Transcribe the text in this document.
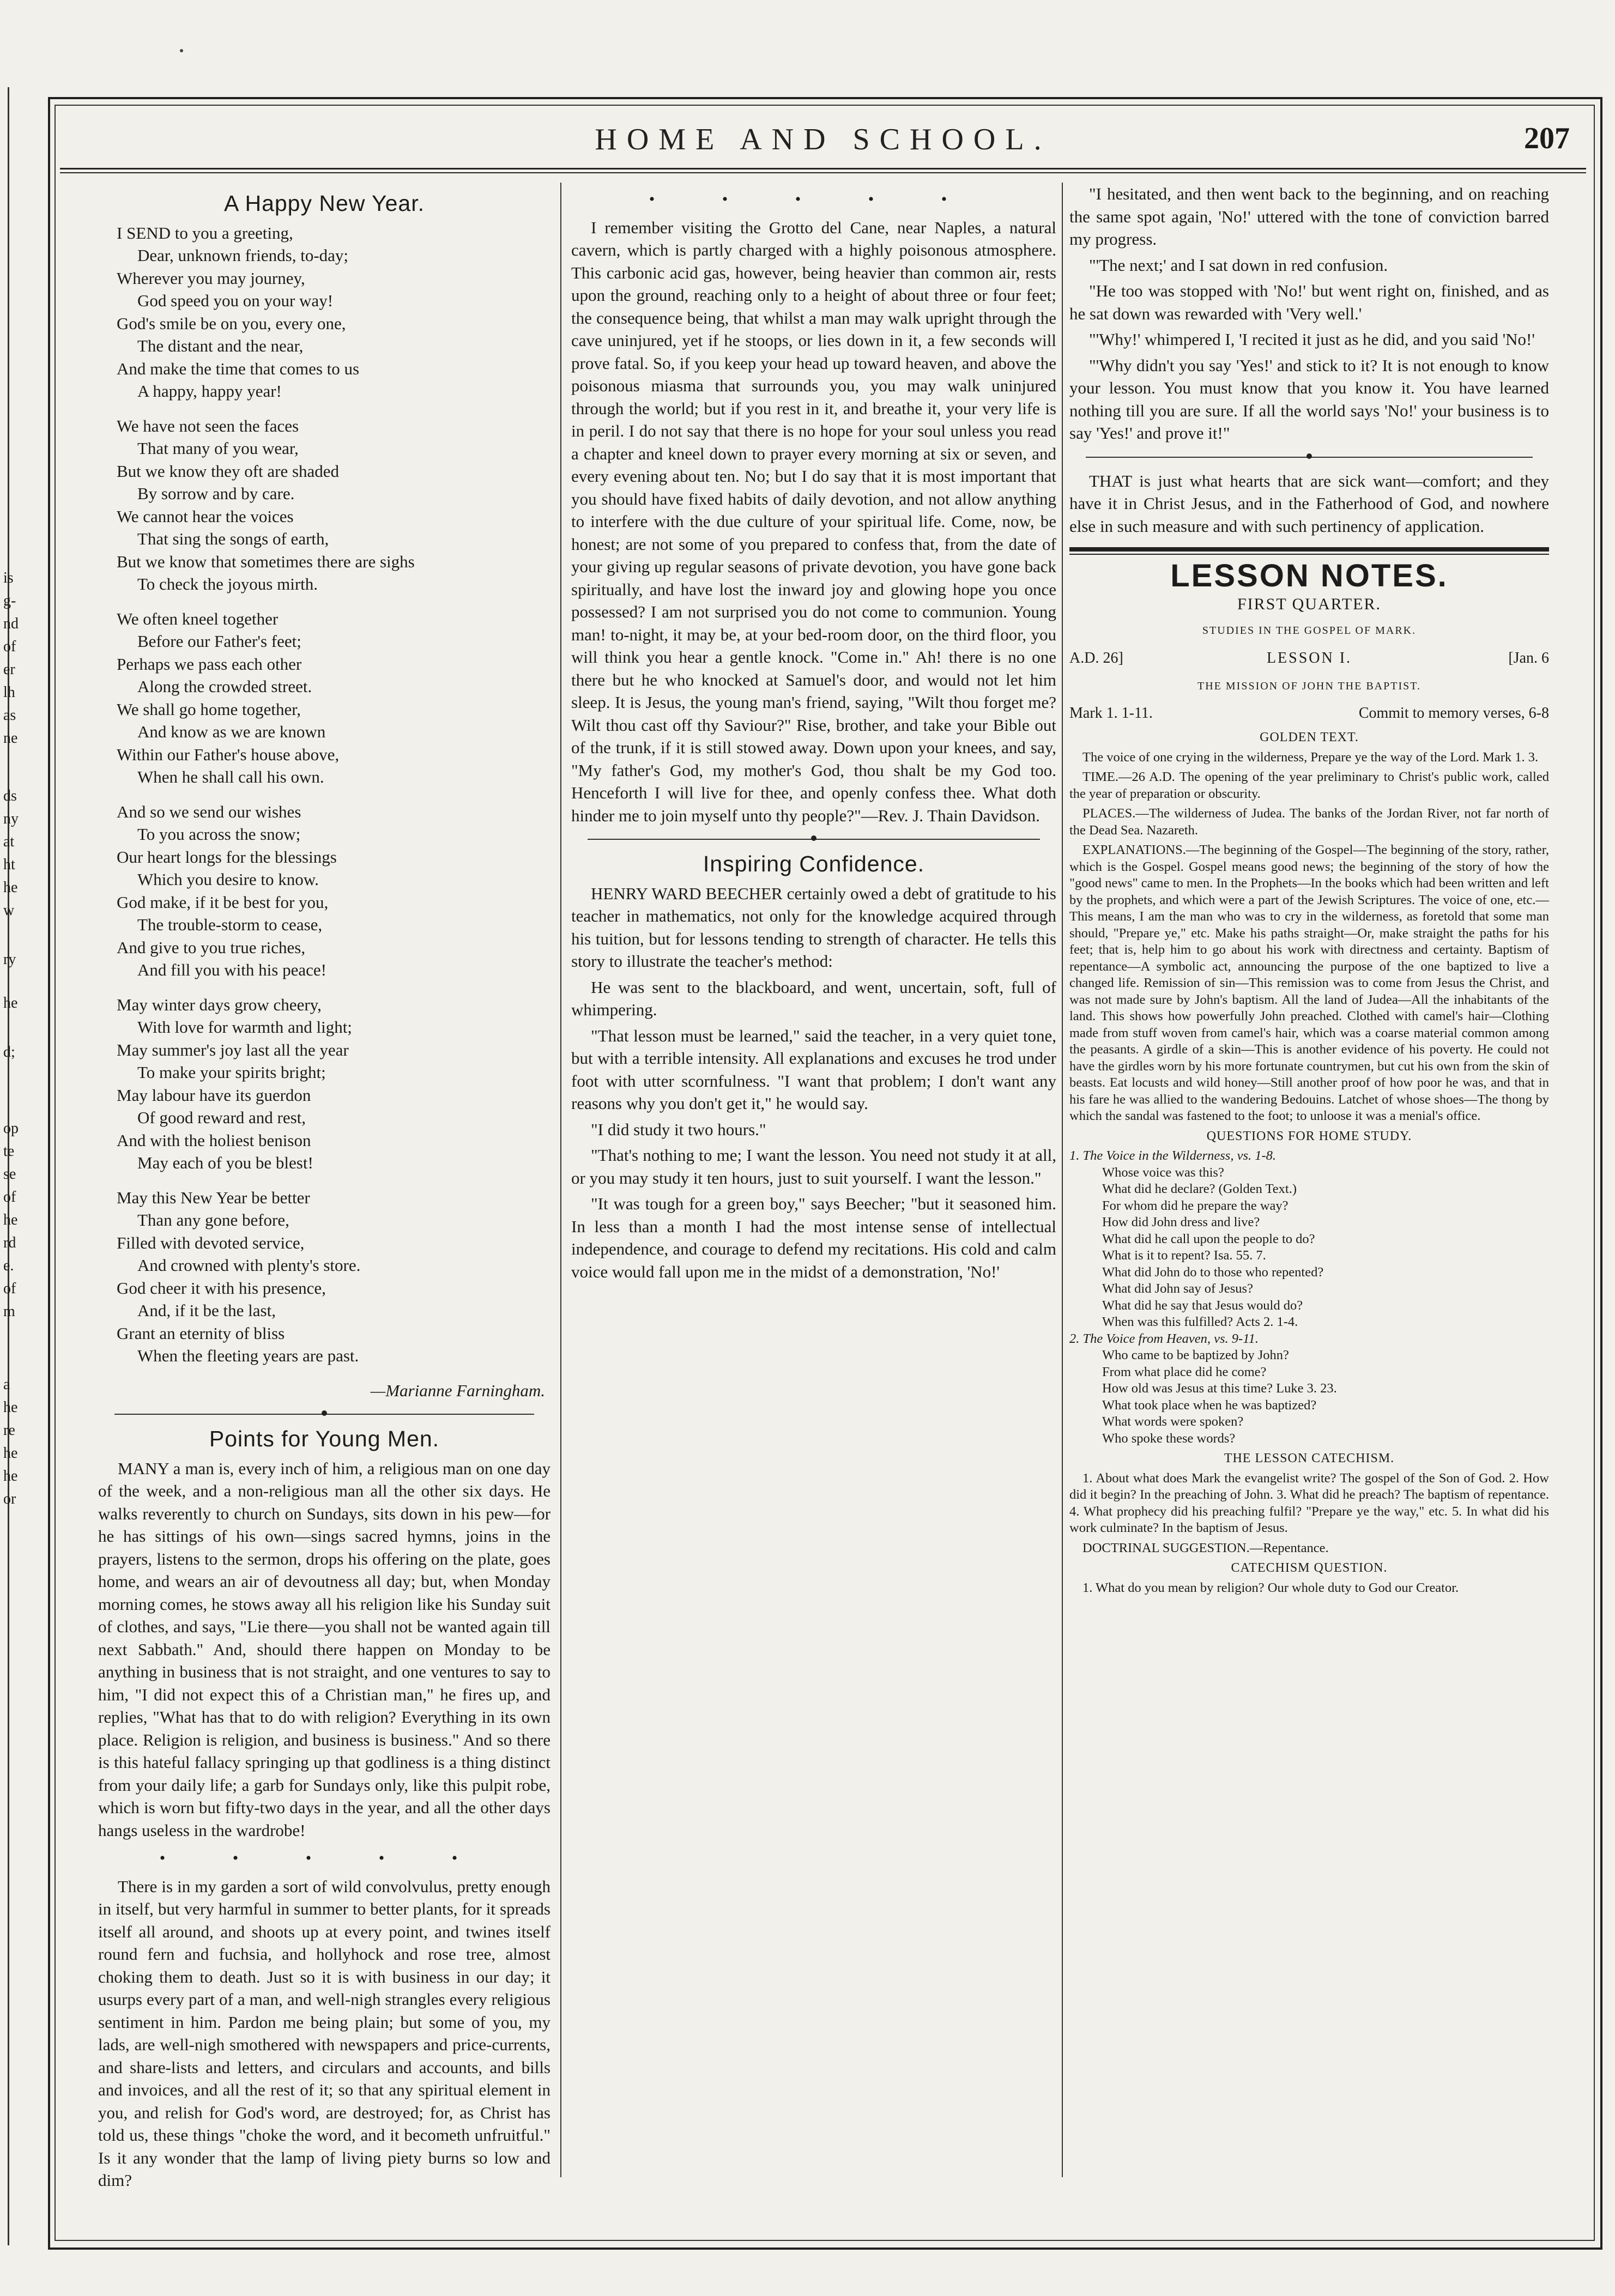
is
g-
nd
of
er
lh
as
ne
ds
ny
at
ht
he
w
ry
he
d;
op
te
se
of
he
rd
e.
of
m
a
he
re
he
he
or
HOME AND SCHOOL.	207
A Happy New Year.
I SEND to you a greeting,
Dear, unknown friends, to-day;
Wherever you may journey,
God speed you on your way!
God's smile be on you, every one,
The distant and the near,
And make the time that comes to us
A happy, happy year!
We have not seen the faces
That many of you wear,
But we know they oft are shaded
By sorrow and by care.
We cannot hear the voices
That sing the songs of earth,
But we know that sometimes there are sighs
To check the joyous mirth.
We often kneel together
Before our Father's feet;
Perhaps we pass each other
Along the crowded street.
We shall go home together,
And know as we are known
Within our Father's house above,
When he shall call his own.
And so we send our wishes
To you across the snow;
Our heart longs for the blessings
Which you desire to know.
God make, if it be best for you,
The trouble-storm to cease,
And give to you true riches,
And fill you with his peace!
May winter days grow cheery,
With love for warmth and light;
May summer's joy last all the year
To make your spirits bright;
May labour have its guerdon
Of good reward and rest,
And with the holiest benison
May each of you be blest!
May this New Year be better
Than any gone before,
Filled with devoted service,
And crowned with plenty's store.
God cheer it with his presence,
And, if it be the last,
Grant an eternity of bliss
When the fleeting years are past.
—Marianne Farningham.
Points for Young Men.

MANY a man is, every inch of him, a religious man on one day of the week, and a non-religious man all the other six days. He walks reverently to church on Sundays, sits down in his pew—for he has sittings of his own—sings sacred hymns, joins in the prayers, listens to the sermon, drops his offering on the plate, goes home, and wears an air of devoutness all day; but, when Monday morning comes, he stows away all his religion like his Sunday suit of clothes, and says, "Lie there—you shall not be wanted again till next Sabbath." And, should there happen on Monday to be anything in business that is not straight, and one ventures to say to him, "I did not expect this of a Christian man," he fires up, and replies, "What has that to do with religion? Everything in its own place. Religion is religion, and business is business." And so there is this hateful fallacy springing up that godliness is a thing distinct from your daily life; a garb for Sundays only, like this pulpit robe, which is worn but fifty-two days in the year, and all the other days hangs useless in the wardrobe!

• • • • •

There is in my garden a sort of wild convolvulus, pretty enough in itself, but very harmful in summer to better plants, for it spreads itself all around, and shoots up at every point, and twines itself round fern and fuchsia, and hollyhock and rose tree, almost choking them to death. Just so it is with business in our day; it usurps every part of a man, and well-nigh strangles every religious sentiment in him. Pardon me being plain; but some of you, my lads, are well-nigh smothered with newspapers and price-currents, and share-lists and letters, and circulars and accounts, and bills and invoices, and all the rest of it; so that any spiritual element in you, and relish for God's word, are destroyed; for, as Christ has told us, these things "choke the word, and it becometh unfruitful." Is it any wonder that the lamp of living piety burns so low and dim?

• • • • •

I remember visiting the Grotto del Cane, near Naples, a natural cavern, which is partly charged with a highly poisonous atmosphere. This carbonic acid gas, however, being heavier than common air, rests upon the ground, reaching only to a height of about three or four feet; the consequence being, that whilst a man may walk upright through the cave uninjured, yet if he stoops, or lies down in it, a few seconds will prove fatal. So, if you keep your head up toward heaven, and above the poisonous miasma that surrounds you, you may walk uninjured through the world; but if you rest in it, and breathe it, your very life is in peril. I do not say that there is no hope for your soul unless you read a chapter and kneel down to prayer every morning at six or seven, and every evening about ten. No; but I do say that it is most important that you should have fixed habits of daily devotion, and not allow anything to interfere with the due culture of your spiritual life. Come, now, be honest; are not some of you prepared to confess that, from the date of your giving up regular seasons of private devotion, you have gone back spiritually, and have lost the inward joy and glowing hope you once possessed? I am not surprised you do not come to communion. Young man! to-night, it may be, at your bed-room door, on the third floor, you will think you hear a gentle knock. "Come in." Ah! there is no one there but he who knocked at Samuel's door, and would not let him sleep. It is Jesus, the young man's friend, saying, "Wilt thou forget me? Wilt thou cast off thy Saviour?" Rise, brother, and take your Bible out of the trunk, if it is still stowed away. Down upon your knees, and say, "My father's God, my mother's God, thou shalt be my God too. Henceforth I will live for thee, and openly confess thee. What doth hinder me to join myself unto thy people?"—Rev. J. Thain Davidson.

Inspiring Confidence.

HENRY WARD BEECHER certainly owed a debt of gratitude to his teacher in mathematics, not only for the knowledge acquired through his tuition, but for lessons tending to strength of character. He tells this story to illustrate the teacher's method:

He was sent to the blackboard, and went, uncertain, soft, full of whimpering.

"That lesson must be learned," said the teacher, in a very quiet tone, but with a terrible intensity. All explanations and excuses he trod under foot with utter scornfulness. "I want that problem; I don't want any reasons why you don't get it," he would say.

"I did study it two hours."

"That's nothing to me; I want the lesson. You need not study it at all, or you may study it ten hours, just to suit yourself. I want the lesson."

"It was tough for a green boy," says Beecher; "but it seasoned him. In less than a month I had the most intense sense of intellectual independence, and courage to defend my recitations. His cold and calm voice would fall upon me in the midst of a demonstration, 'No!'

"I hesitated, and then went back to the beginning, and on reaching the same spot again, 'No!' uttered with the tone of conviction barred my progress.

"'The next;' and I sat down in red confusion.

"He too was stopped with 'No!' but went right on, finished, and as he sat down was rewarded with 'Very well.'

"'Why!' whimpered I, 'I recited it just as he did, and you said 'No!'

"'Why didn't you say 'Yes!' and stick to it? It is not enough to know your lesson. You must know that you know it. You have learned nothing till you are sure. If all the world says 'No!' your business is to say 'Yes!' and prove it!"

THAT is just what hearts that are sick want—comfort; and they have it in Christ Jesus, and in the Fatherhood of God, and nowhere else in such measure and with such pertinency of application.

LESSON NOTES.
FIRST QUARTER.
STUDIES IN THE GOSPEL OF MARK.
A.D. 26]	LESSON I.	[Jan. 6
THE MISSION OF JOHN THE BAPTIST.
Mark 1. 1-11.	Commit to memory verses, 6-8
GOLDEN TEXT.

The voice of one crying in the wilderness, Prepare ye the way of the Lord. Mark 1. 3.

TIME.—26 A.D. The opening of the year preliminary to Christ's public work, called the year of preparation or obscurity.

PLACES.—The wilderness of Judea. The banks of the Jordan River, not far north of the Dead Sea. Nazareth.

EXPLANATIONS.—The beginning of the Gospel—The beginning of the story, rather, which is the Gospel. Gospel means good news; the beginning of the story of how the "good news" came to men. In the Prophets—In the books which had been written and left by the prophets, and which were a part of the Jewish Scriptures. The voice of one, etc.—This means, I am the man who was to cry in the wilderness, as foretold that some man should, "Prepare ye," etc. Make his paths straight—Or, make straight the paths for his feet; that is, help him to go about his work with directness and certainty. Baptism of repentance—A symbolic act, announcing the purpose of the one baptized to live a changed life. Remission of sin—This remission was to come from Jesus the Christ, and was not made sure by John's baptism. All the land of Judea—All the inhabitants of the land. This shows how powerfully John preached. Clothed with camel's hair—Clothing made from stuff woven from camel's hair, which was a coarse material common among the peasants. A girdle of a skin—This is another evidence of his poverty. He could not have the girdles worn by his more fortunate countrymen, but cut his own from the skin of beasts. Eat locusts and wild honey—Still another proof of how poor he was, and that in his fare he was allied to the wandering Bedouins. Latchet of whose shoes—The thong by which the sandal was fastened to the foot; to unloose it was a menial's office.

QUESTIONS FOR HOME STUDY.
1. The Voice in the Wilderness, vs. 1-8.
Whose voice was this?
What did he declare? (Golden Text.)
For whom did he prepare the way?
How did John dress and live?
What did he call upon the people to do?
What is it to repent? Isa. 55. 7.
What did John do to those who repented?
What did John say of Jesus?
What did he say that Jesus would do?
When was this fulfilled? Acts 2. 1-4.
2. The Voice from Heaven, vs. 9-11.
Who came to be baptized by John?
From what place did he come?
How old was Jesus at this time? Luke 3. 23.
What took place when he was baptized?
What words were spoken?
Who spoke these words?
THE LESSON CATECHISM.

1. About what does Mark the evangelist write? The gospel of the Son of God. 2. How did it begin? In the preaching of John. 3. What did he preach? The baptism of repentance. 4. What prophecy did his preaching fulfil? "Prepare ye the way," etc. 5. In what did his work culminate? In the baptism of Jesus.

DOCTRINAL SUGGESTION.—Repentance.

CATECHISM QUESTION.

1. What do you mean by religion? Our whole duty to God our Creator.
